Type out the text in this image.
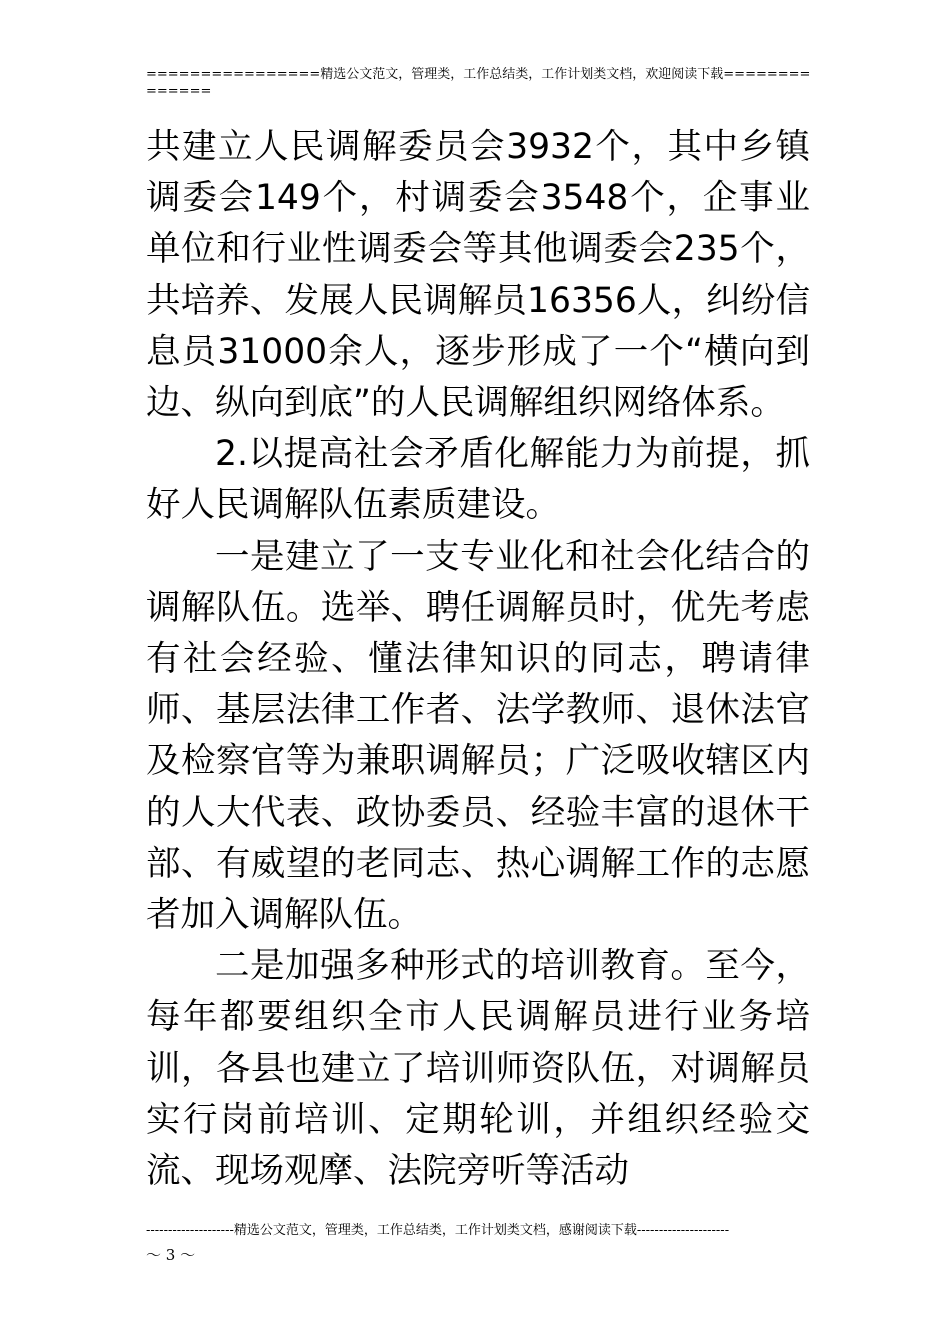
================精选公文范文，管理类，工作总结类，工作计划类文档，欢迎阅读下载==============

共建立人民调解委员会3932个，其中乡镇调委会149个，村调委会3548个，企事业单位和行业性调委会等其他调委会235个，共培养、发展人民调解员16356人，纠纷信息员31000余人，逐步形成了一个“横向到边、纵向到底”的人民调解组织网络体系。

2.以提高社会矛盾化解能力为前提，抓好人民调解队伍素质建设。

一是建立了一支专业化和社会化结合的调解队伍。选举、聘任调解员时，优先考虑有社会经验、懂法律知识的同志，聘请律师、基层法律工作者、法学教师、退休法官及检察官等为兼职调解员；广泛吸收辖区内的人大代表、政协委员、经验丰富的退休干部、有威望的老同志、热心调解工作的志愿者加入调解队伍。

二是加强多种形式的培训教育。至今，每年都要组织全市人民调解员进行业务培训，各县也建立了培训师资队伍，对调解员实行岗前培训、定期轮训，并组织经验交流、现场观摩、法院旁听等活动

--------------------精选公文范文，管理类，工作总结类，工作计划类文档，感谢阅读下载---------------------
～ 3 ～
